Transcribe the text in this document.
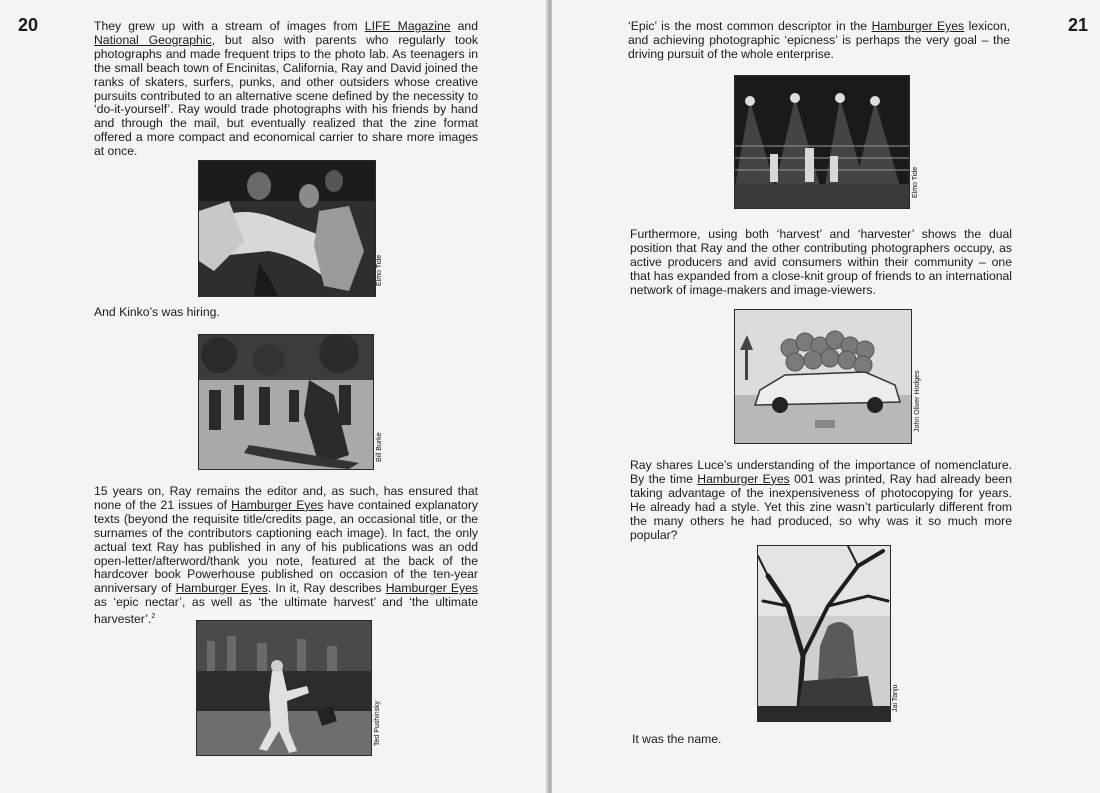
20	They grew up with a stream of images from LIFE Magazine and National Geographic, but also with parents who regularly took photographs and made frequent trips to the photo lab. As teenagers in the small beach town of Encinitas, California, Ray and David joined the ranks of skaters, surfers, punks, and other outsiders whose creative pursuits contributed to an alternative scene defined by the necessity to ‘do-it-yourself’. Ray would trade photographs with his friends by hand and through the mail, but eventually realized that the zine format offered a more compact and economical carrier to share more images at once.

Elmo Tide
And Kinko’s was hiring.
Bill Burke

15 years on, Ray remains the editor and, as such, has ensured that none of the 21 issues of Hamburger Eyes have contained explanatory texts (beyond the requisite title/credits page, an occasional title, or the surnames of the contributors captioning each image). In fact, the only actual text Ray has published in any of his publications was an odd open-letter/afterword/thank you note, featured at the back of the hardcover book Powerhouse published on occasion of the ten-year anniversary of Hamburger Eyes. In it, Ray describes Hamburger Eyes as ‘epic nectar’, as well as ‘the ultimate harvest’ and ‘the ultimate harvester’.$^2$

Ted Pushinsky
21

‘Epic’ is the most common descriptor in the Hamburger Eyes lexicon, and achieving photographic ‘epicness’ is perhaps the very goal – the driving pursuit of the whole enterprise.

Elmo Tide

Furthermore, using both ‘harvest’ and ‘harvester’ shows the dual position that Ray and the other contributing photographers occupy, as active producers and avid consumers within their community – one that has expanded from a close-knit group of friends to an international network of image-makers and image-viewers.

John Oliver Hodges

Ray shares Luce’s understanding of the importance of nomenclature. By the time Hamburger Eyes 001 was printed, Ray had already been taking advantage of the inexpensiveness of photocopying for years. He already had a style. Yet this zine wasn’t particularly different from the many others he had produced, so why was it so much more popular?

Jai Tanju
It was the name.
